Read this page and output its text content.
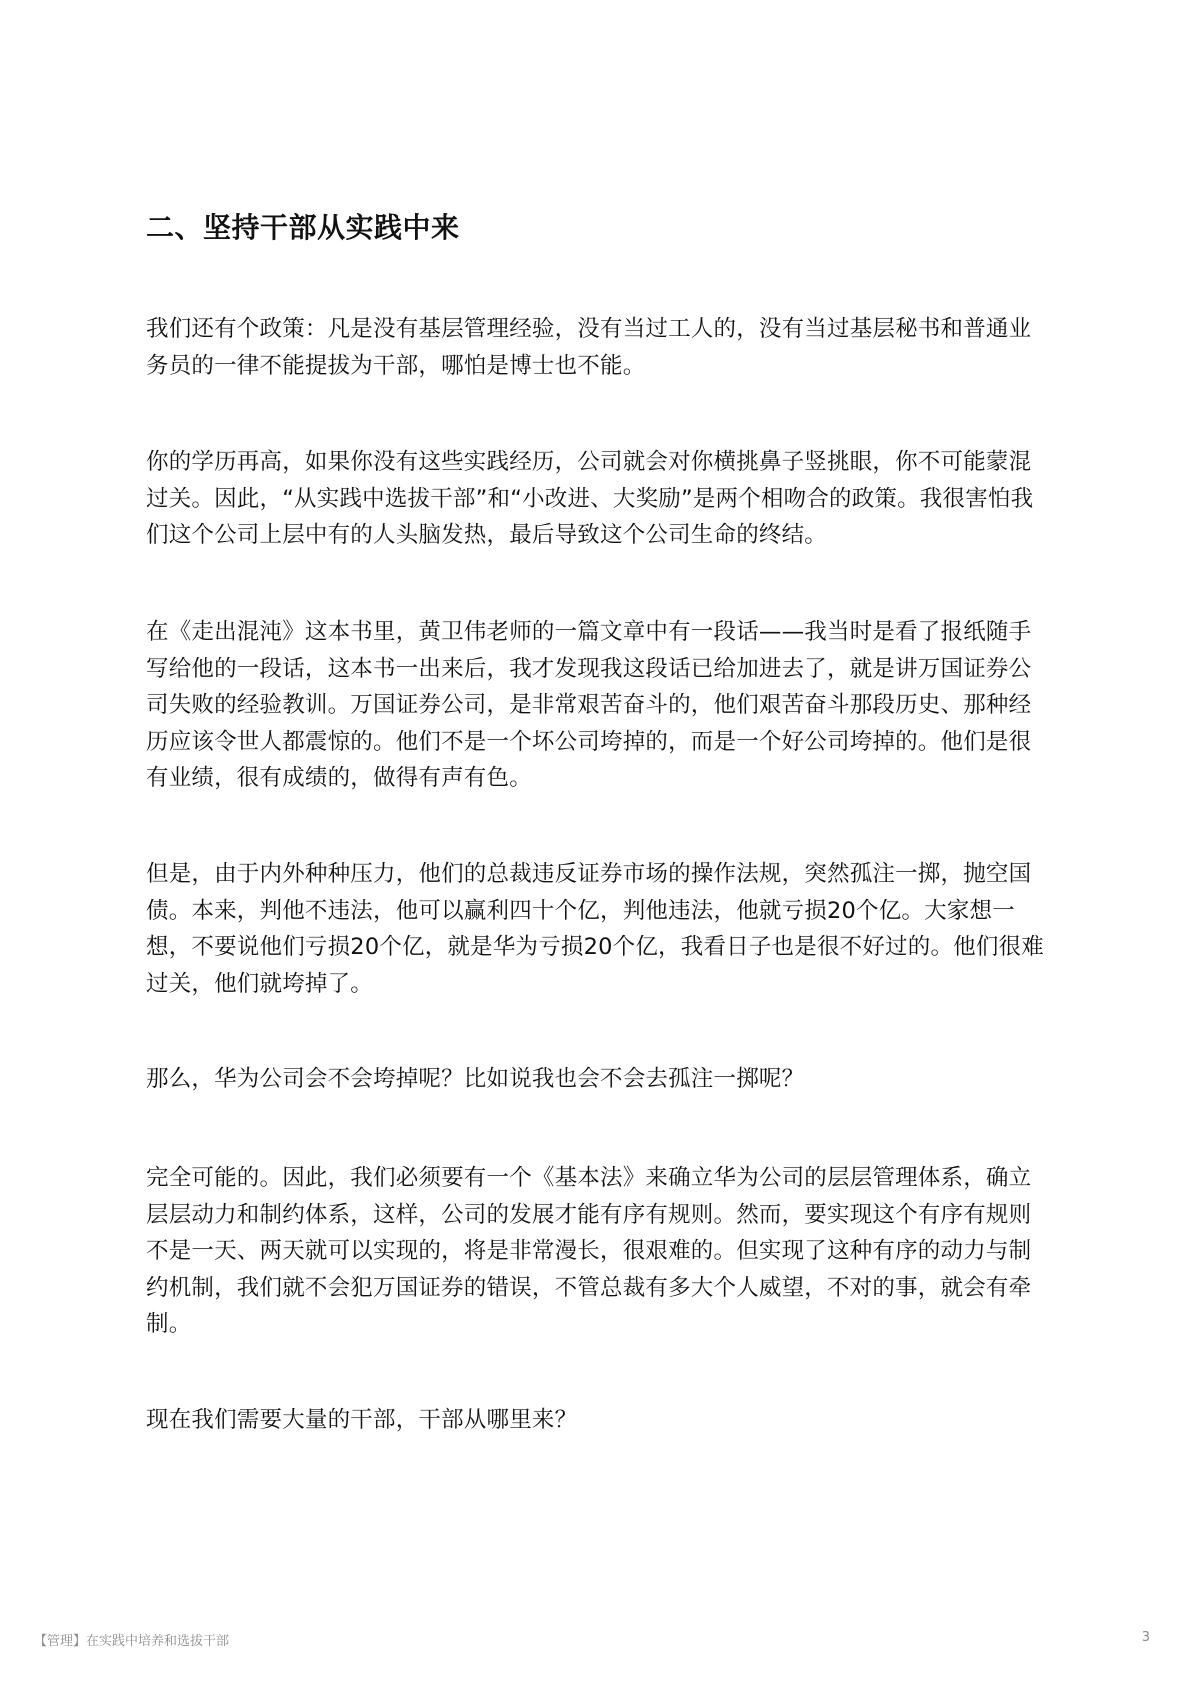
二、坚持干部从实践中来

我们还有个政策：凡是没有基层管理经验，没有当过工人的，没有当过基层秘书和普通业务员的一律不能提拔为干部，哪怕是博士也不能。

你的学历再高，如果你没有这些实践经历，公司就会对你横挑鼻子竖挑眼，你不可能蒙混过关。因此，“从实践中选拔干部”和“小改进、大奖励”是两个相吻合的政策。我很害怕我们这个公司上层中有的人头脑发热，最后导致这个公司生命的终结。

在《走出混沌》这本书里，黄卫伟老师的一篇文章中有一段话——我当时是看了报纸随手写给他的一段话，这本书一出来后，我才发现我这段话已给加进去了，就是讲万国证券公司失败的经验教训。万国证券公司，是非常艰苦奋斗的，他们艰苦奋斗那段历史、那种经历应该令世人都震惊的。他们不是一个坏公司垮掉的，而是一个好公司垮掉的。他们是很有业绩，很有成绩的，做得有声有色。

但是，由于内外种种压力，他们的总裁违反证券市场的操作法规，突然孤注一掷，抛空国债。本来，判他不违法，他可以赢利四十个亿，判他违法，他就亏损20个亿。大家想一想，不要说他们亏损20个亿，就是华为亏损20个亿，我看日子也是很不好过的。他们很难过关，他们就垮掉了。

那么，华为公司会不会垮掉呢？比如说我也会不会去孤注一掷呢？

完全可能的。因此，我们必须要有一个《基本法》来确立华为公司的层层管理体系，确立层层动力和制约体系，这样，公司的发展才能有序有规则。然而，要实现这个有序有规则不是一天、两天就可以实现的，将是非常漫长，很艰难的。但实现了这种有序的动力与制约机制，我们就不会犯万国证券的错误，不管总裁有多大个人威望，不对的事，就会有牵制。

现在我们需要大量的干部，干部从哪里来？

【管理】在实践中培养和选拔干部	3
